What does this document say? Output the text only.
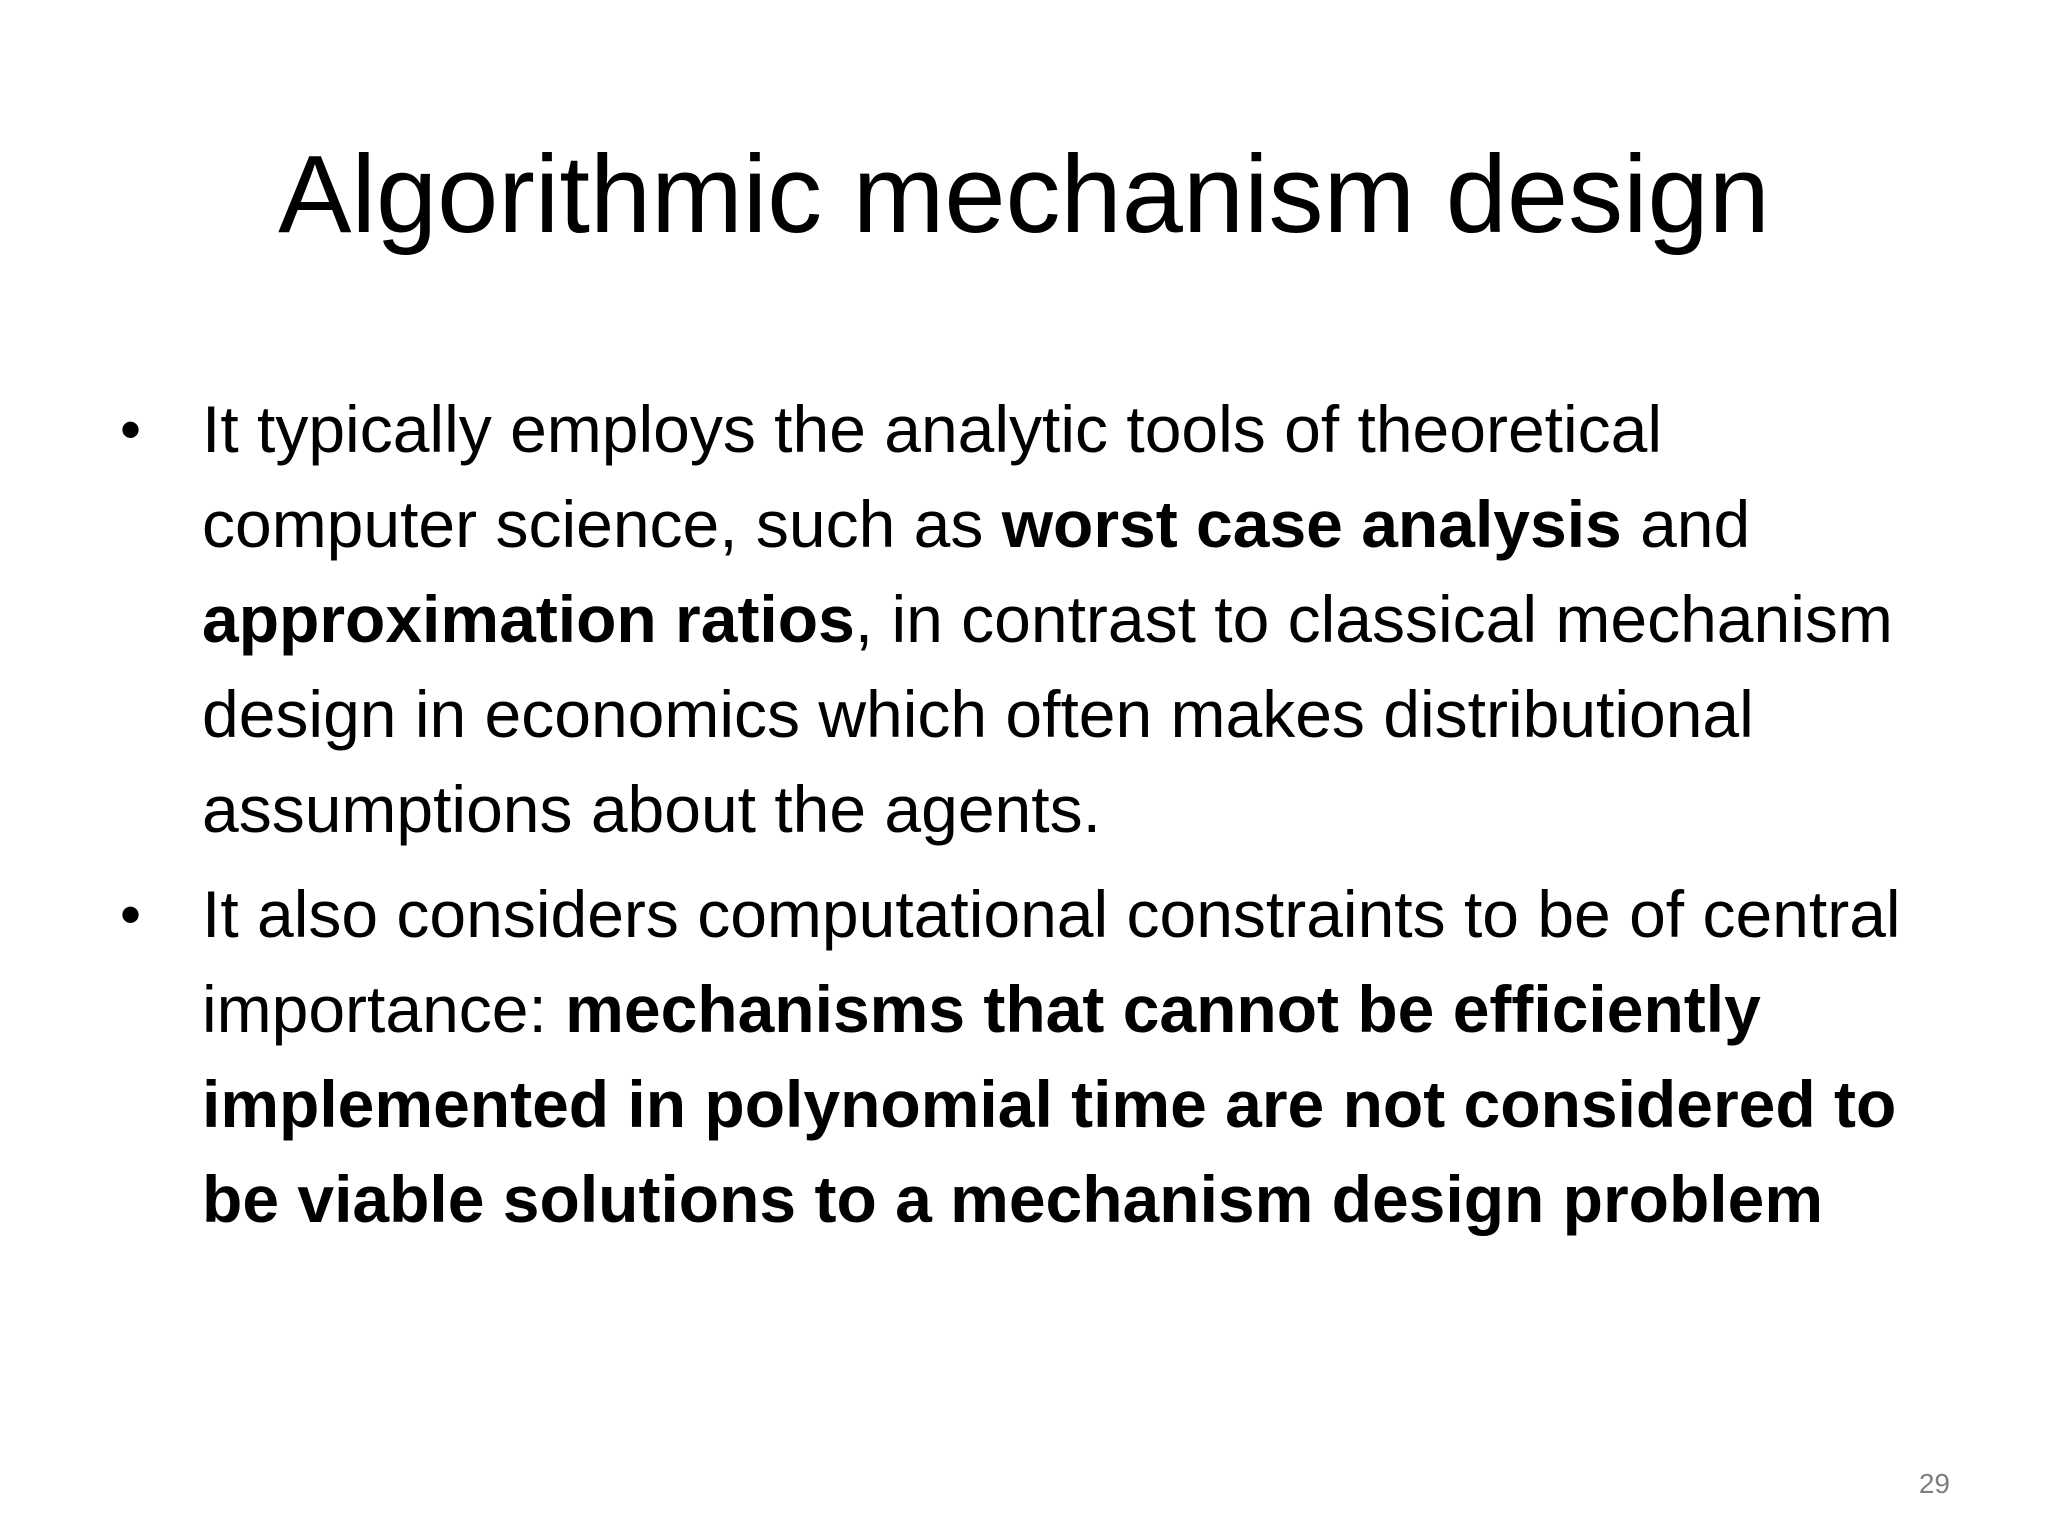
Algorithmic mechanism design
• It typically employs the analytic tools of theoretical computer science, such as worst case analysis and approximation ratios, in contrast to classical mechanism design in economics which often makes distributional assumptions about the agents.
• It also considers computational constraints to be of central importance: mechanisms that cannot be efficiently implemented in polynomial time are not considered to be viable solutions to a mechanism design problem
29
